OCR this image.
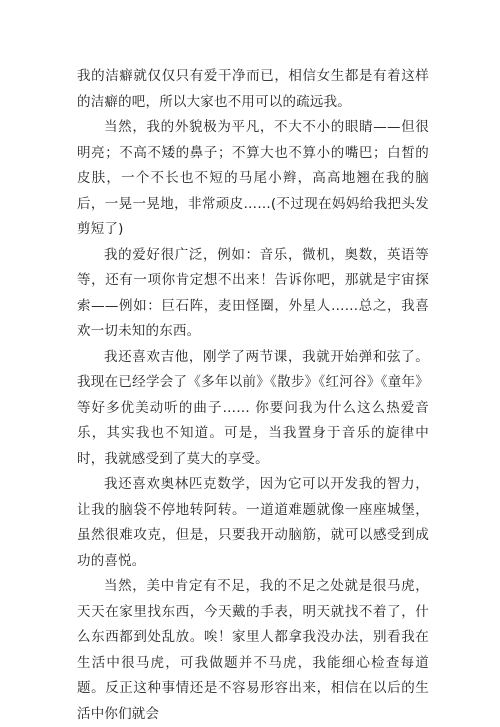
我的洁癖就仅仅只有爱干净而已，相信女生都是有着这样的洁癖的吧，所以大家也不用可以的疏远我。

当然，我的外貌极为平凡，不大不小的眼睛——但很明亮；不高不矮的鼻子；不算大也不算小的嘴巴；白皙的皮肤，一个不长也不短的马尾小辫，高高地翘在我的脑后，一晃一晃地，非常顽皮……(不过现在妈妈给我把头发剪短了)

我的爱好很广泛，例如：音乐，微机，奥数，英语等等，还有一项你肯定想不出来！告诉你吧，那就是宇宙探索——例如：巨石阵，麦田怪圈，外星人……总之，我喜欢一切未知的东西。

我还喜欢吉他，刚学了两节课，我就开始弹和弦了。我现在已经学会了《多年以前》《散步》《红河谷》《童年》等好多优美动听的曲子…… 你要问我为什么这么热爱音乐，其实我也不知道。可是，当我置身于音乐的旋律中时，我就感受到了莫大的享受。

我还喜欢奥林匹克数学，因为它可以开发我的智力，让我的脑袋不停地转阿转。一道道难题就像一座座城堡，虽然很难攻克，但是，只要我开动脑筋，就可以感受到成功的喜悦。

当然，美中肯定有不足，我的不足之处就是很马虎，天天在家里找东西，今天戴的手表，明天就找不着了，什么东西都到处乱放。唉！家里人都拿我没办法，别看我在生活中很马虎，可我做题并不马虎，我能细心检查每道题。反正这种事情还是不容易形容出来，相信在以后的生活中你们就会
